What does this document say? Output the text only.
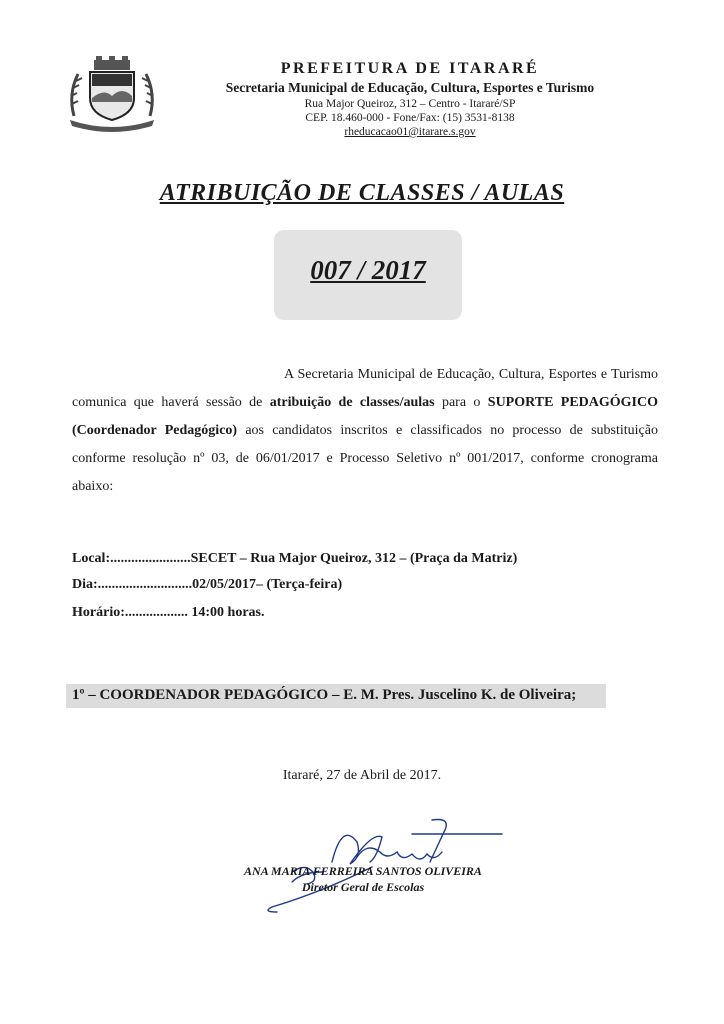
PREFEITURA DE ITARARÉ
Secretaria Municipal de Educação, Cultura, Esportes e Turismo
Rua Major Queiroz, 312 – Centro - Itararé/SP
CEP. 18.460-000 - Fone/Fax: (15) 3531-8138
rheducacao01@itarare.s.gov
ATRIBUIÇÃO DE CLASSES / AULAS
007 / 2017
A Secretaria Municipal de Educação, Cultura, Esportes e Turismo comunica que haverá sessão de atribuição de classes/aulas para o SUPORTE PEDAGÓGICO (Coordenador Pedagógico) aos candidatos inscritos e classificados no processo de substituição conforme resolução nº 03, de 06/01/2017 e Processo Seletivo nº 001/2017, conforme cronograma abaixo:
Local:.......................SECET – Rua Major Queiroz, 312 – (Praça da Matriz)
Dia:...........................02/05/2017– (Terça-feira)
Horário:.................. 14:00 horas.
1º – COORDENADOR PEDAGÓGICO – E. M. Pres. Juscelino K. de Oliveira;
Itararé, 27 de Abril de 2017.
ANA MARIA FERREIRA SANTOS OLIVEIRA
Diretor Geral de Escolas
